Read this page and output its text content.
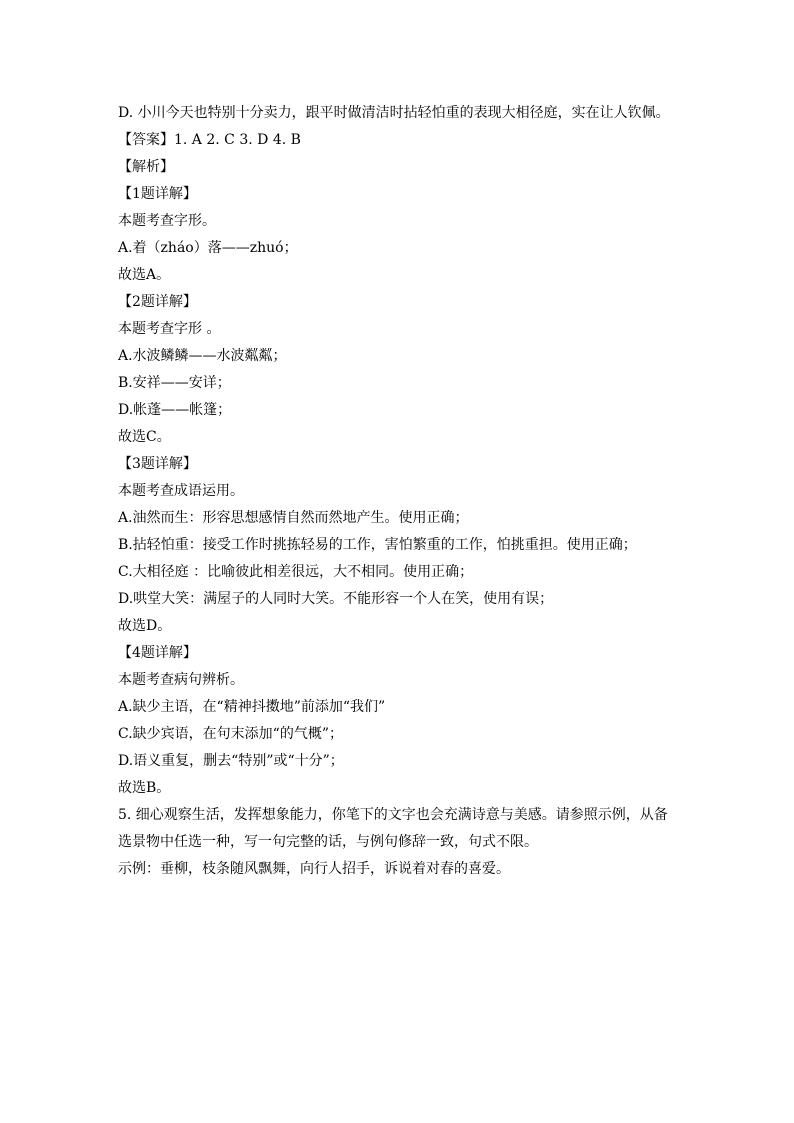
D. 小川今天也特别十分卖力，跟平时做清洁时拈轻怕重的表现大相径庭，实在让人钦佩。
【答案】1. A 2. C 3. D 4. B
【解析】
【1题详解】
本题考查字形。
A.着（zháo）落——zhuó；
故选A。
【2题详解】
本题考查字形 。
A.水波鳞鳞——水波粼粼；
B.安祥——安详；
D.帐蓬——帐篷；
故选C。
【3题详解】
本题考查成语运用。
A.油然而生：形容思想感情自然而然地产生。使用正确；
B.拈轻怕重：接受工作时挑拣轻易的工作，害怕繁重的工作，怕挑重担。使用正确；
C.大相径庭 ：比喻彼此相差很远，大不相同。使用正确；
D.哄堂大笑：满屋子的人同时大笑。不能形容一个人在笑，使用有误；
故选D。
【4题详解】
本题考查病句辨析。
A.缺少主语，在“精神抖擞地”前添加“我们”
C.缺少宾语，在句末添加“的气概”；
D.语义重复，删去“特别”或“十分”；
故选B。
5. 细心观察生活，发挥想象能力，你笔下的文字也会充满诗意与美感。请参照示例，从备
选景物中任选一种，写一句完整的话，与例句修辞一致，句式不限。
示例：垂柳，枝条随风飘舞，向行人招手，诉说着对春的喜爱。
